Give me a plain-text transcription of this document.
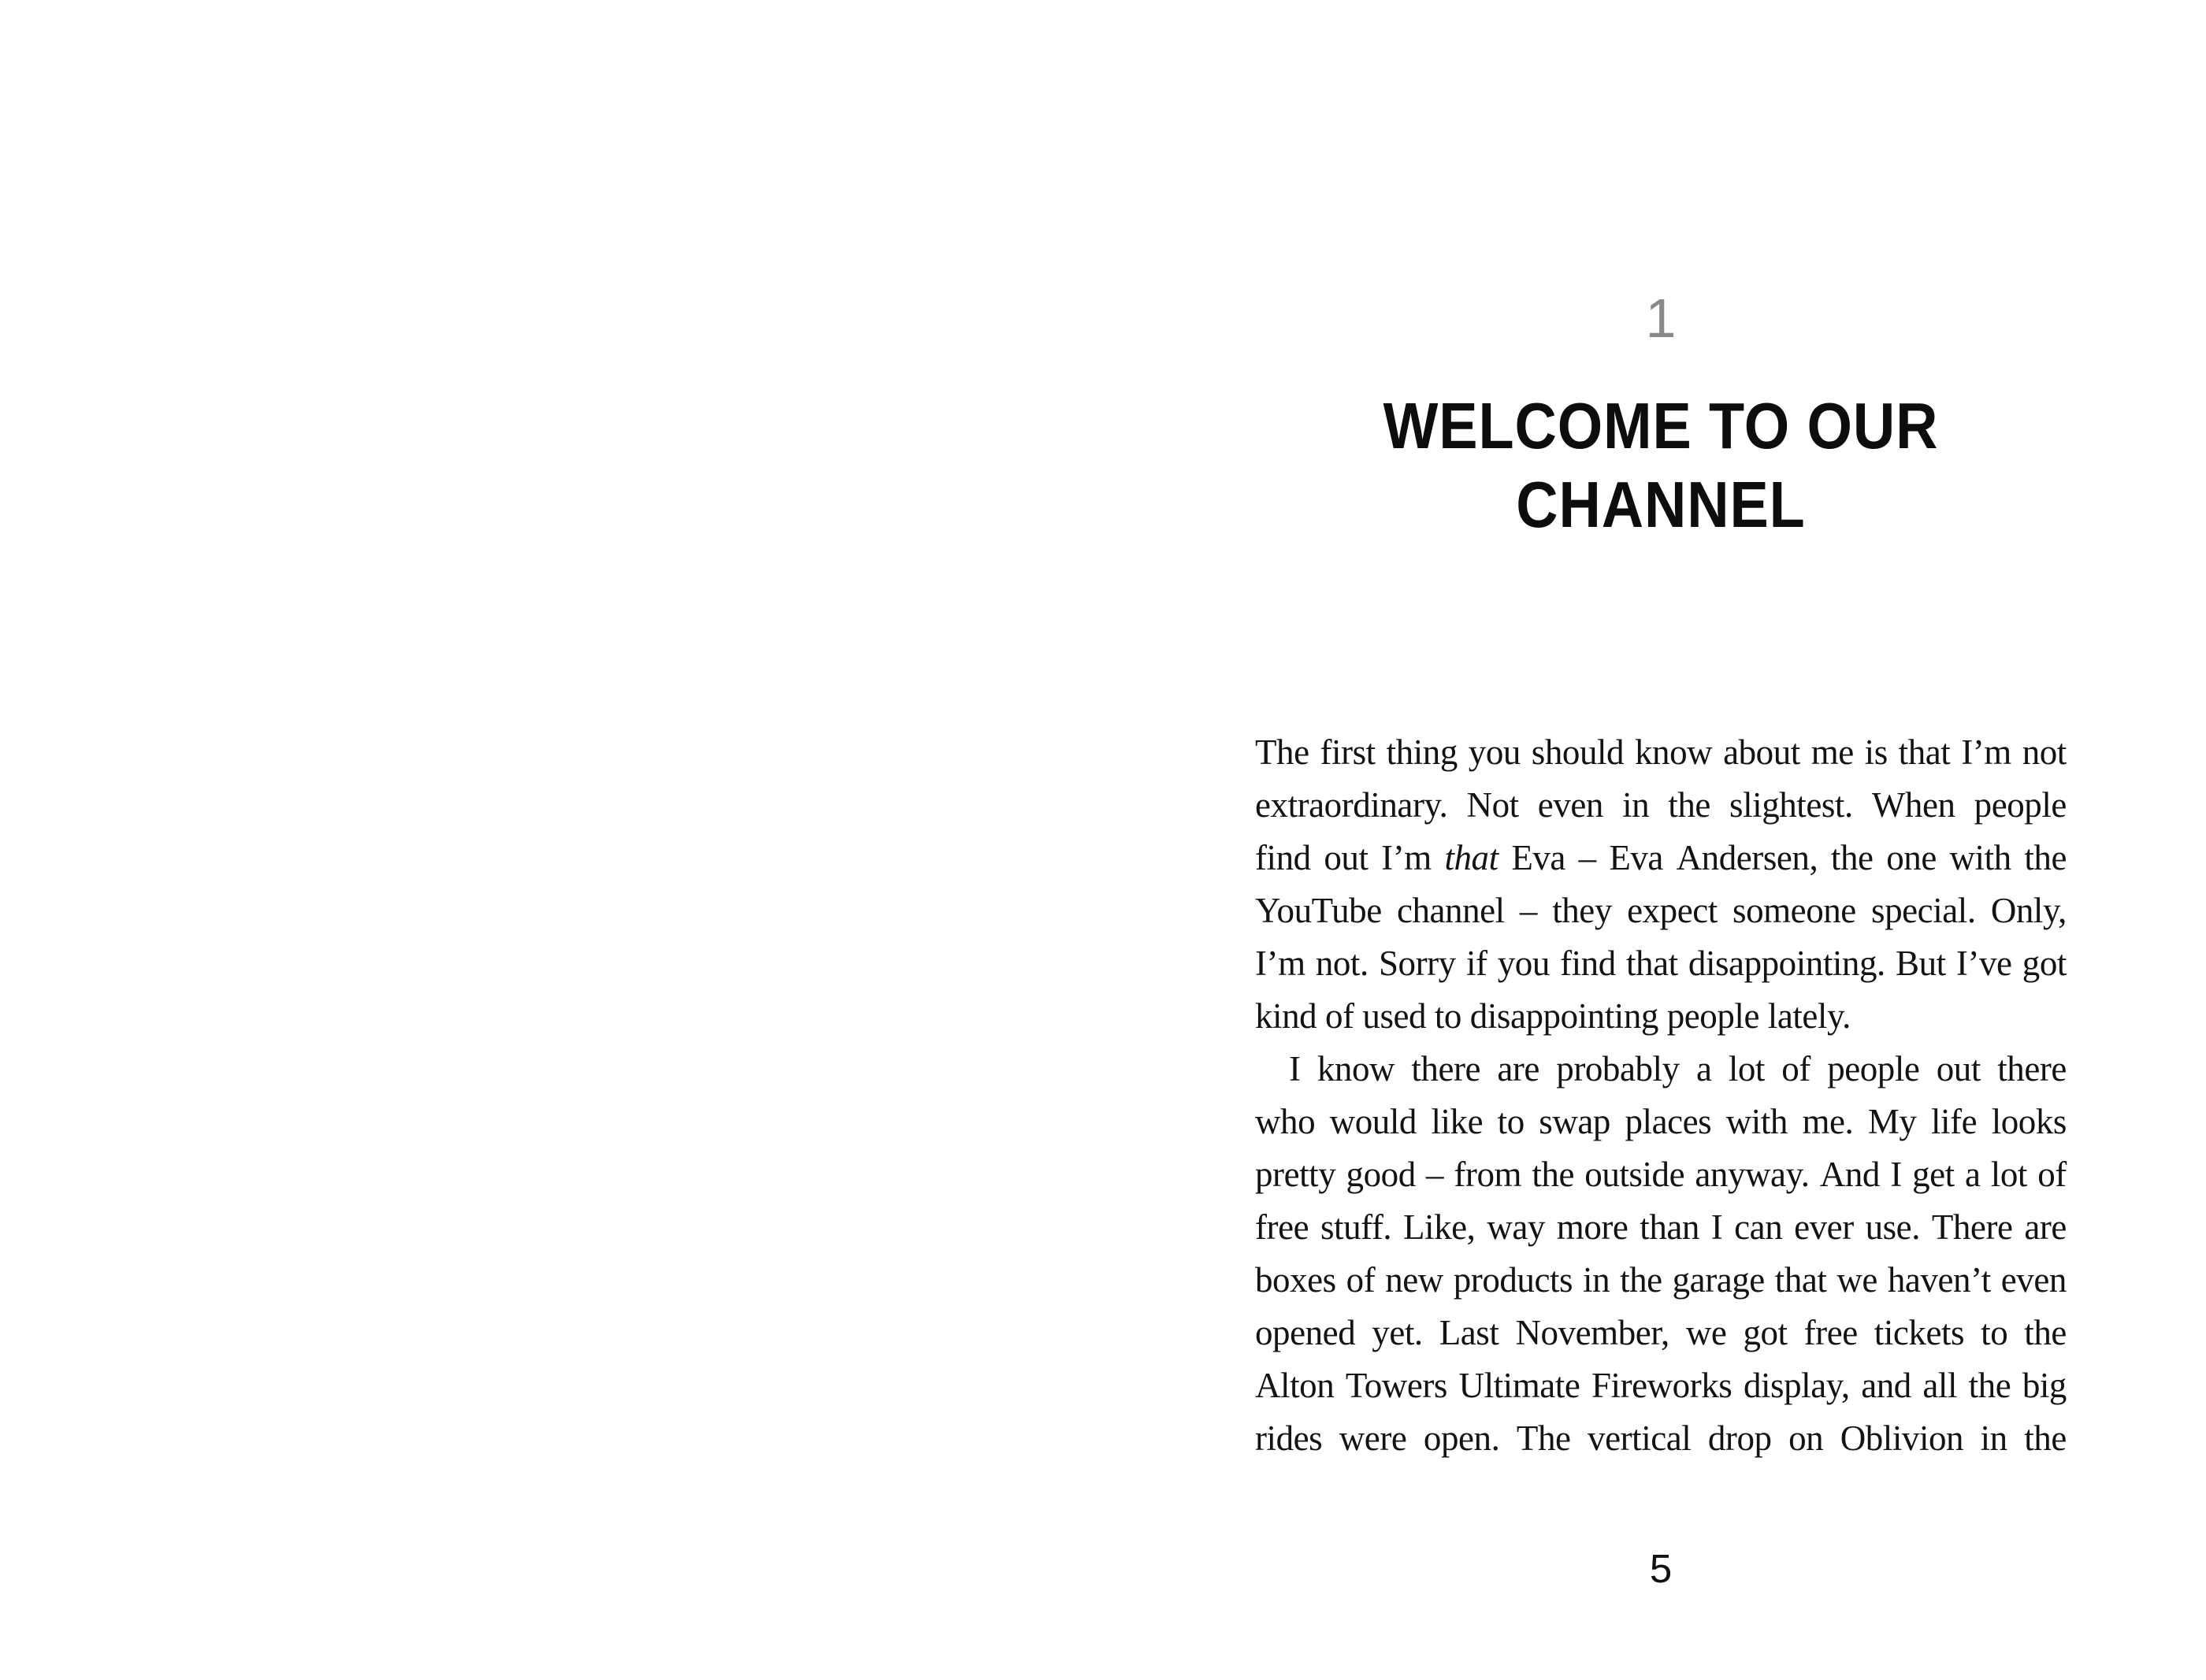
1
WELCOME TO OUR
CHANNEL
The first thing you should know about me is that I’m not
extraordinary. Not even in the slightest. When people
find out I’m that Eva – Eva Andersen, the one with the
YouTube channel – they expect someone special. Only,
I’m not. Sorry if you find that disappointing. But I’ve got
kind of used to disappointing people lately.
I know there are probably a lot of people out there
who would like to swap places with me. My life looks
pretty good – from the outside anyway. And I get a lot of
free stuff. Like, way more than I can ever use. There are
boxes of new products in the garage that we haven’t even
opened yet. Last November, we got free tickets to the
Alton Towers Ultimate Fireworks display, and all the big
rides were open. The vertical drop on Oblivion in the
5
